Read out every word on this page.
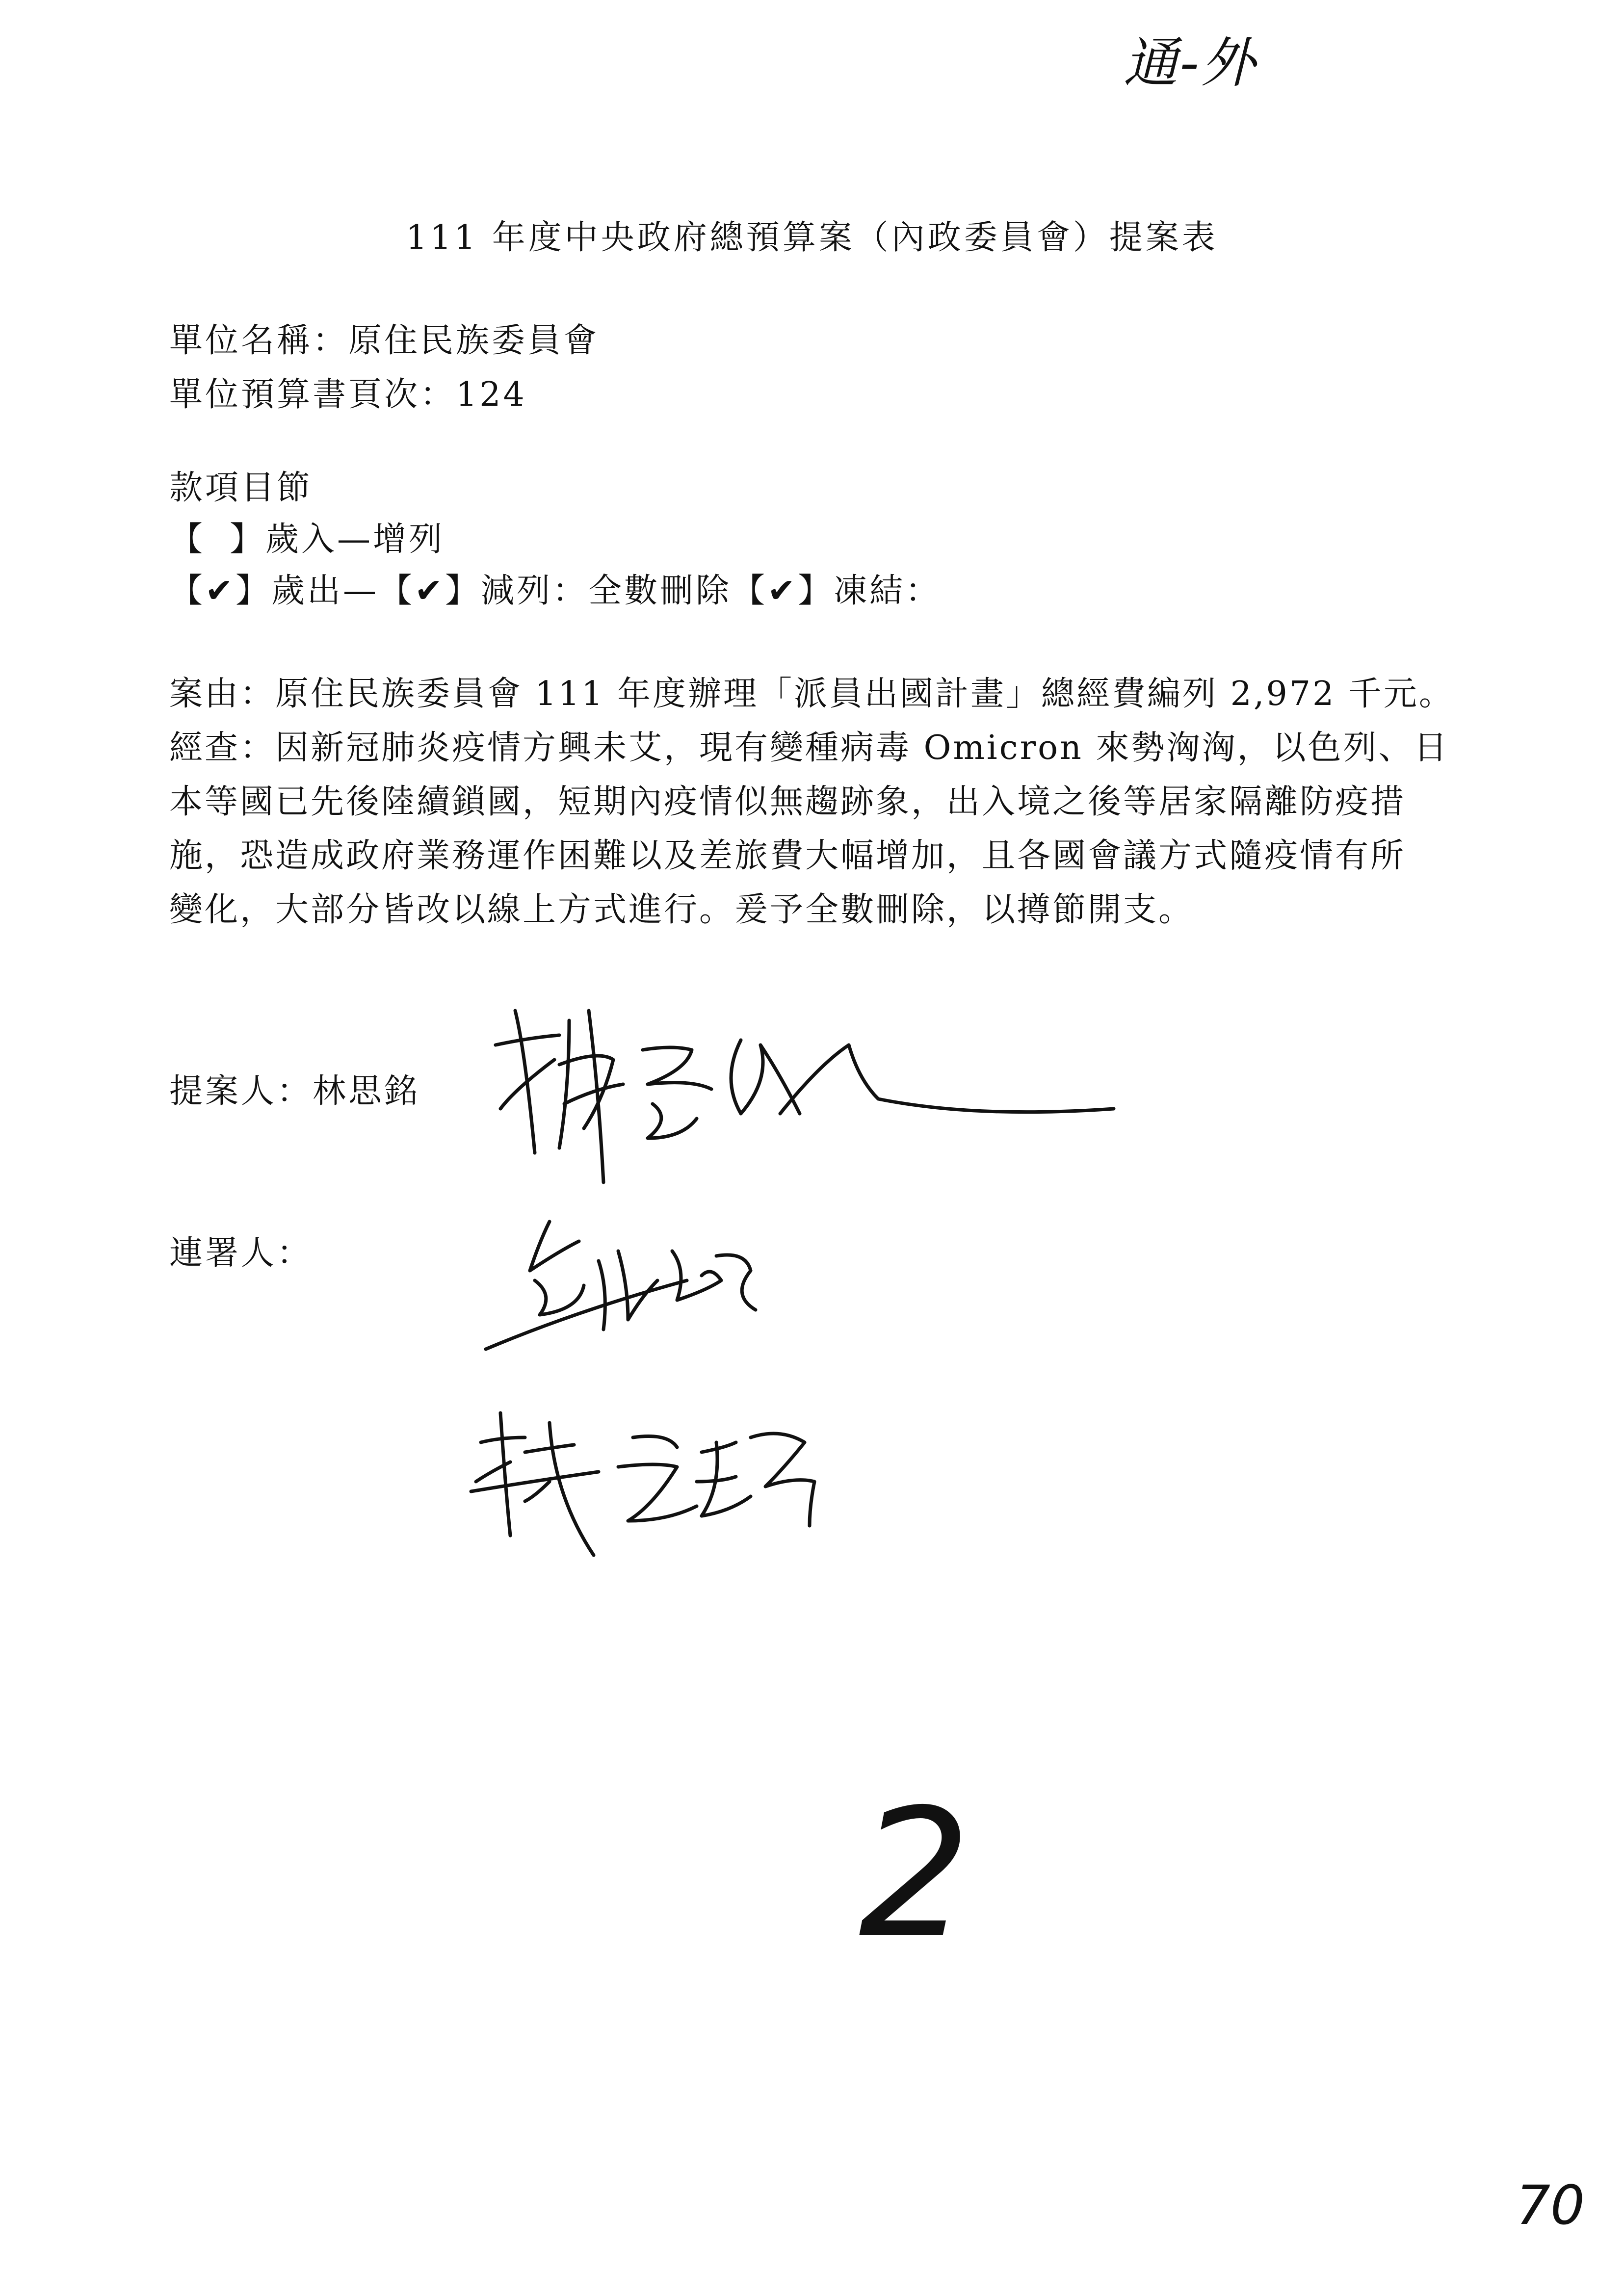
通-外
111 年度中央政府總預算案（內政委員會）提案表
單位名稱：原住民族委員會
單位預算書頁次：124
款項目節
【 】歲入—增列
【✔】歲出—【✔】減列：全數刪除【✔】凍結：
案由：原住民族委員會 111 年度辦理「派員出國計畫」總經費編列 2,972 千元。
經查：因新冠肺炎疫情方興未艾，現有變種病毒 Omicron 來勢洶洶，以色列、日
本等國已先後陸續鎖國，短期內疫情似無趨跡象，出入境之後等居家隔離防疫措
施，恐造成政府業務運作困難以及差旅費大幅增加，且各國會議方式隨疫情有所
變化，大部分皆改以線上方式進行。爰予全數刪除，以撙節開支。
提案人：林思銘
連署人：
2
70
